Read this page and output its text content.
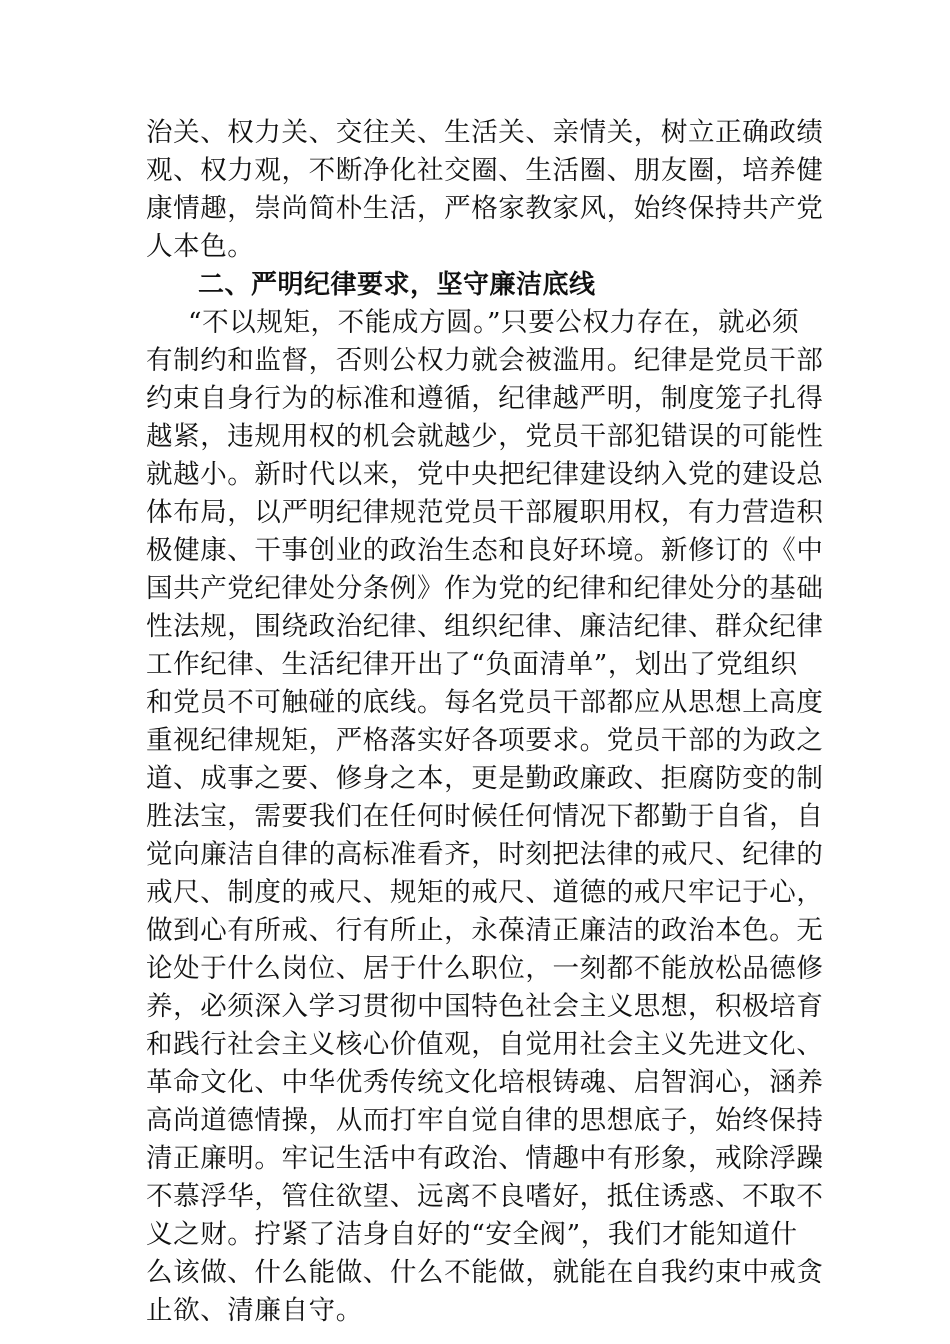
治关、权力关、交往关、生活关、亲情关，树立正确政绩
观、权力观，不断净化社交圈、生活圈、朋友圈，培养健
康情趣，崇尚简朴生活，严格家教家风，始终保持共产党
人本色。
二、严明纪律要求，坚守廉洁底线
“不以规矩，不能成方圆。”只要公权力存在，就必须
有制约和监督，否则公权力就会被滥用。纪律是党员干部
约束自身行为的标准和遵循，纪律越严明，制度笼子扎得
越紧，违规用权的机会就越少，党员干部犯错误的可能性
就越小。新时代以来，党中央把纪律建设纳入党的建设总
体布局，以严明纪律规范党员干部履职用权，有力营造积
极健康、干事创业的政治生态和良好环境。新修订的《中
国共产党纪律处分条例》作为党的纪律和纪律处分的基础
性法规，围绕政治纪律、组织纪律、廉洁纪律、群众纪律
工作纪律、生活纪律开出了“负面清单”，划出了党组织
和党员不可触碰的底线。每名党员干部都应从思想上高度
重视纪律规矩，严格落实好各项要求。党员干部的为政之
道、成事之要、修身之本，更是勤政廉政、拒腐防变的制
胜法宝，需要我们在任何时候任何情况下都勤于自省，自
觉向廉洁自律的高标准看齐，时刻把法律的戒尺、纪律的
戒尺、制度的戒尺、规矩的戒尺、道德的戒尺牢记于心，
做到心有所戒、行有所止，永葆清正廉洁的政治本色。无
论处于什么岗位、居于什么职位，一刻都不能放松品德修
养，必须深入学习贯彻中国特色社会主义思想，积极培育
和践行社会主义核心价值观，自觉用社会主义先进文化、
革命文化、中华优秀传统文化培根铸魂、启智润心，涵养
高尚道德情操，从而打牢自觉自律的思想底子，始终保持
清正廉明。牢记生活中有政治、情趣中有形象，戒除浮躁
不慕浮华，管住欲望、远离不良嗜好，抵住诱惑、不取不
义之财。拧紧了洁身自好的“安全阀”，我们才能知道什
么该做、什么能做、什么不能做，就能在自我约束中戒贪
止欲、清廉自守。
